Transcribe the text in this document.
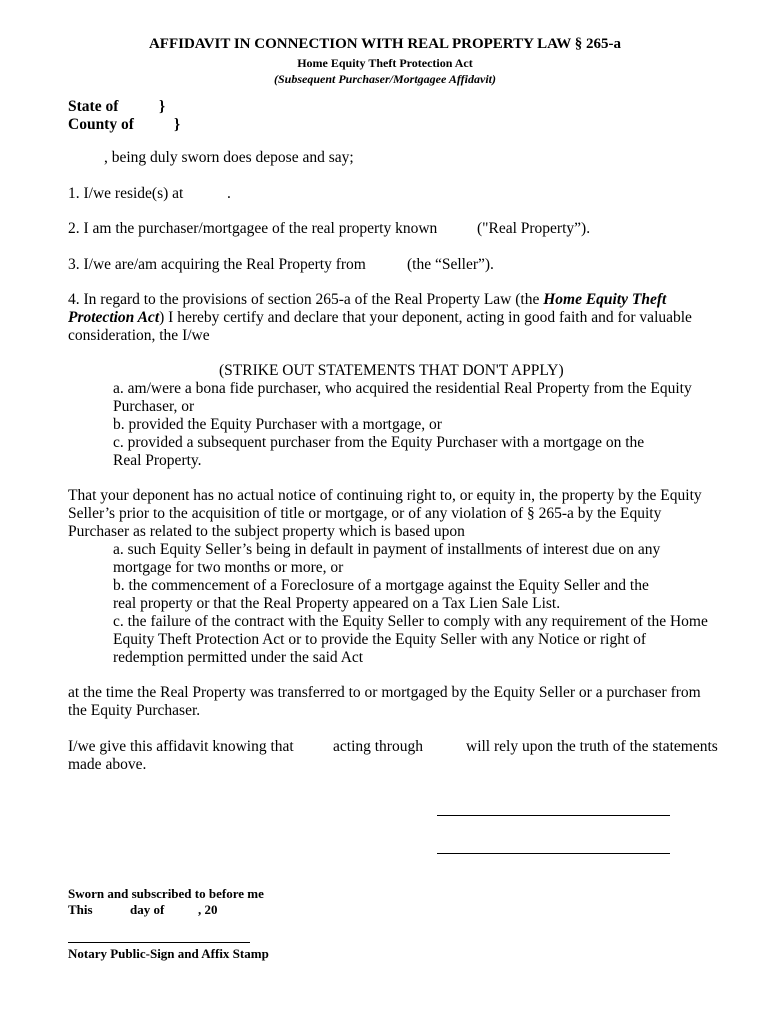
AFFIDAVIT IN CONNECTION WITH REAL PROPERTY LAW § 265-a
Home Equity Theft Protection Act
(Subsequent Purchaser/Mortgagee Affidavit)
State of	}
County of	}
, being duly sworn does depose and say;
1. I/we reside(s) at	.
2. I am the purchaser/mortgagee of the real property known	("Real Property”).
3. I/we are/am acquiring the Real Property from	(the “Seller”).
4. In regard to the provisions of section 265-a of the Real Property Law (the Home Equity Theft Protection Act) I hereby certify and declare that your deponent, acting in good faith and for valuable consideration, the I/we
(STRIKE OUT STATEMENTS THAT DON'T APPLY)
a. am/were a bona fide purchaser, who acquired the residential Real Property from the Equity Purchaser, or
b. provided the Equity Purchaser with a mortgage, or
c. provided a subsequent purchaser from the Equity Purchaser with a mortgage on the Real Property.
That your deponent has no actual notice of continuing right to, or equity in, the property by the Equity Seller’s prior to the acquisition of title or mortgage, or of any violation of § 265-a by the Equity Purchaser as related to the subject property which is based upon
a. such Equity Seller’s being in default in payment of installments of interest due on any mortgage for two months or more, or
b. the commencement of a Foreclosure of a mortgage against the Equity Seller and the real property or that the Real Property appeared on a Tax Lien Sale List.
c. the failure of the contract with the Equity Seller to comply with any requirement of the Home Equity Theft Protection Act or to provide the Equity Seller with any Notice or right of redemption permitted under the said Act
at the time the Real Property was transferred to or mortgaged by the Equity Seller or a purchaser from the Equity Purchaser.
I/we give this affidavit knowing that	acting through	will rely upon the truth of the statements
made above.
Sworn and subscribed to before me
This	day of	, 20
Notary Public-Sign and Affix Stamp
